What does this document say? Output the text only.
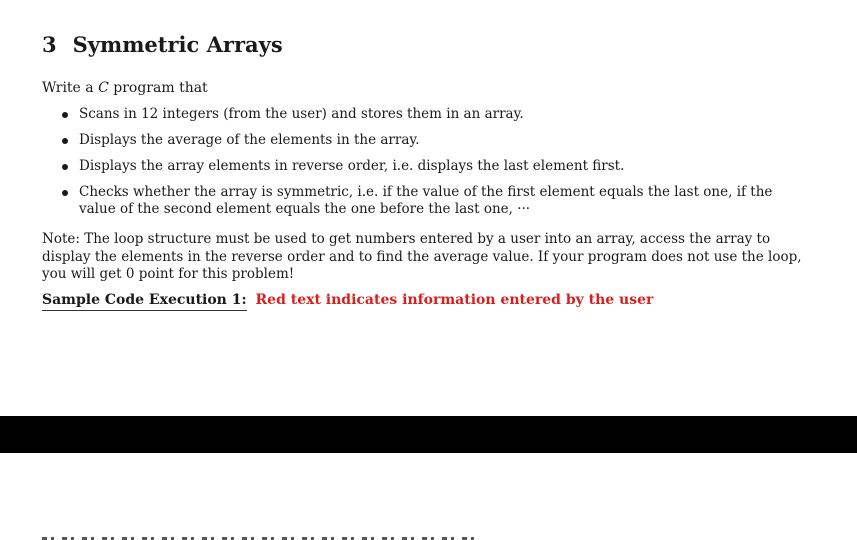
3 Symmetric Arrays
Write a C program that
Scans in 12 integers (from the user) and stores them in an array.
Displays the average of the elements in the array.
Displays the array elements in reverse order, i.e. displays the last element first.
Checks whether the array is symmetric, i.e. if the value of the first element equals the last one, if the value of the second element equals the one before the last one, ···
Note: The loop structure must be used to get numbers entered by a user into an array, access the array to display the elements in the reverse order and to find the average value. If your program does not use the loop, you will get 0 point for this problem!
Sample Code Execution 1: Red text indicates information entered by the user
